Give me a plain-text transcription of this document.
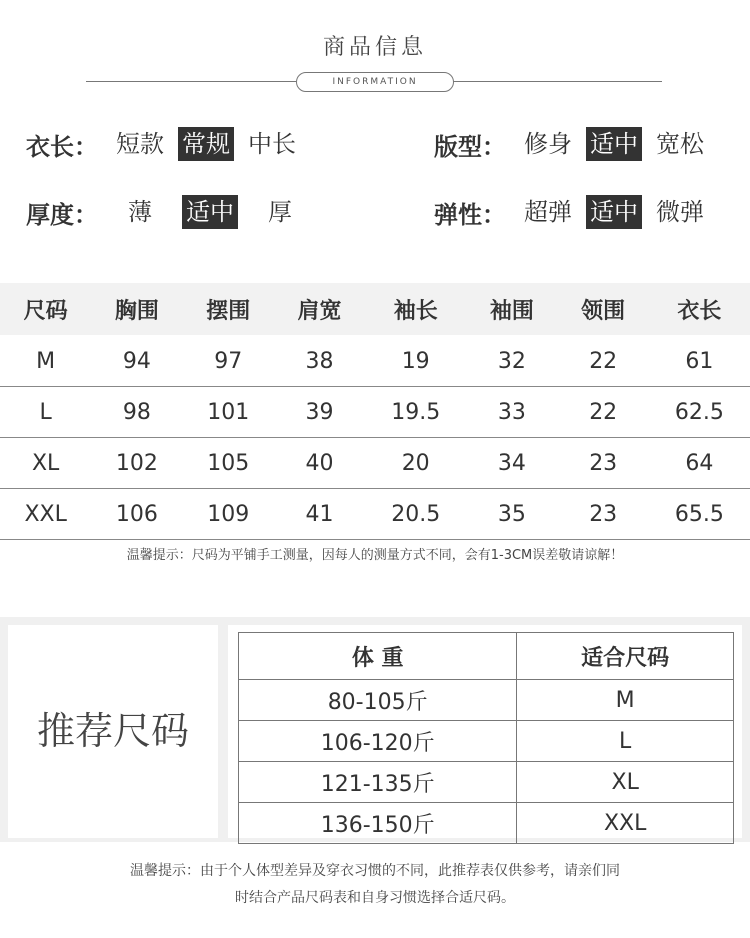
商品信息
INFORMATION
衣长： 短款 常规 中长	版型： 修身 适中 宽松
厚度： 薄 适中 厚	弹性： 超弹 适中 微弹
尺码	胸围	摆围	肩宽	袖长	袖围	领围	衣长
M	94	97	38	19	32	22	61
L	98	101	39	19.5	33	22	62.5
XL	102	105	40	20	34	23	64
XXL	106	109	41	20.5	35	23	65.5
温馨提示：尺码为平铺手工测量，因每人的测量方式不同，会有1-3CM误差敬请谅解！
推荐尺码
体 重	适合尺码
80-105斤	M
106-120斤	L
121-135斤	XL
136-150斤	XXL
温馨提示：由于个人体型差异及穿衣习惯的不同，此推荐表仅供参考，请亲们同
时结合产品尺码表和自身习惯选择合适尺码。
